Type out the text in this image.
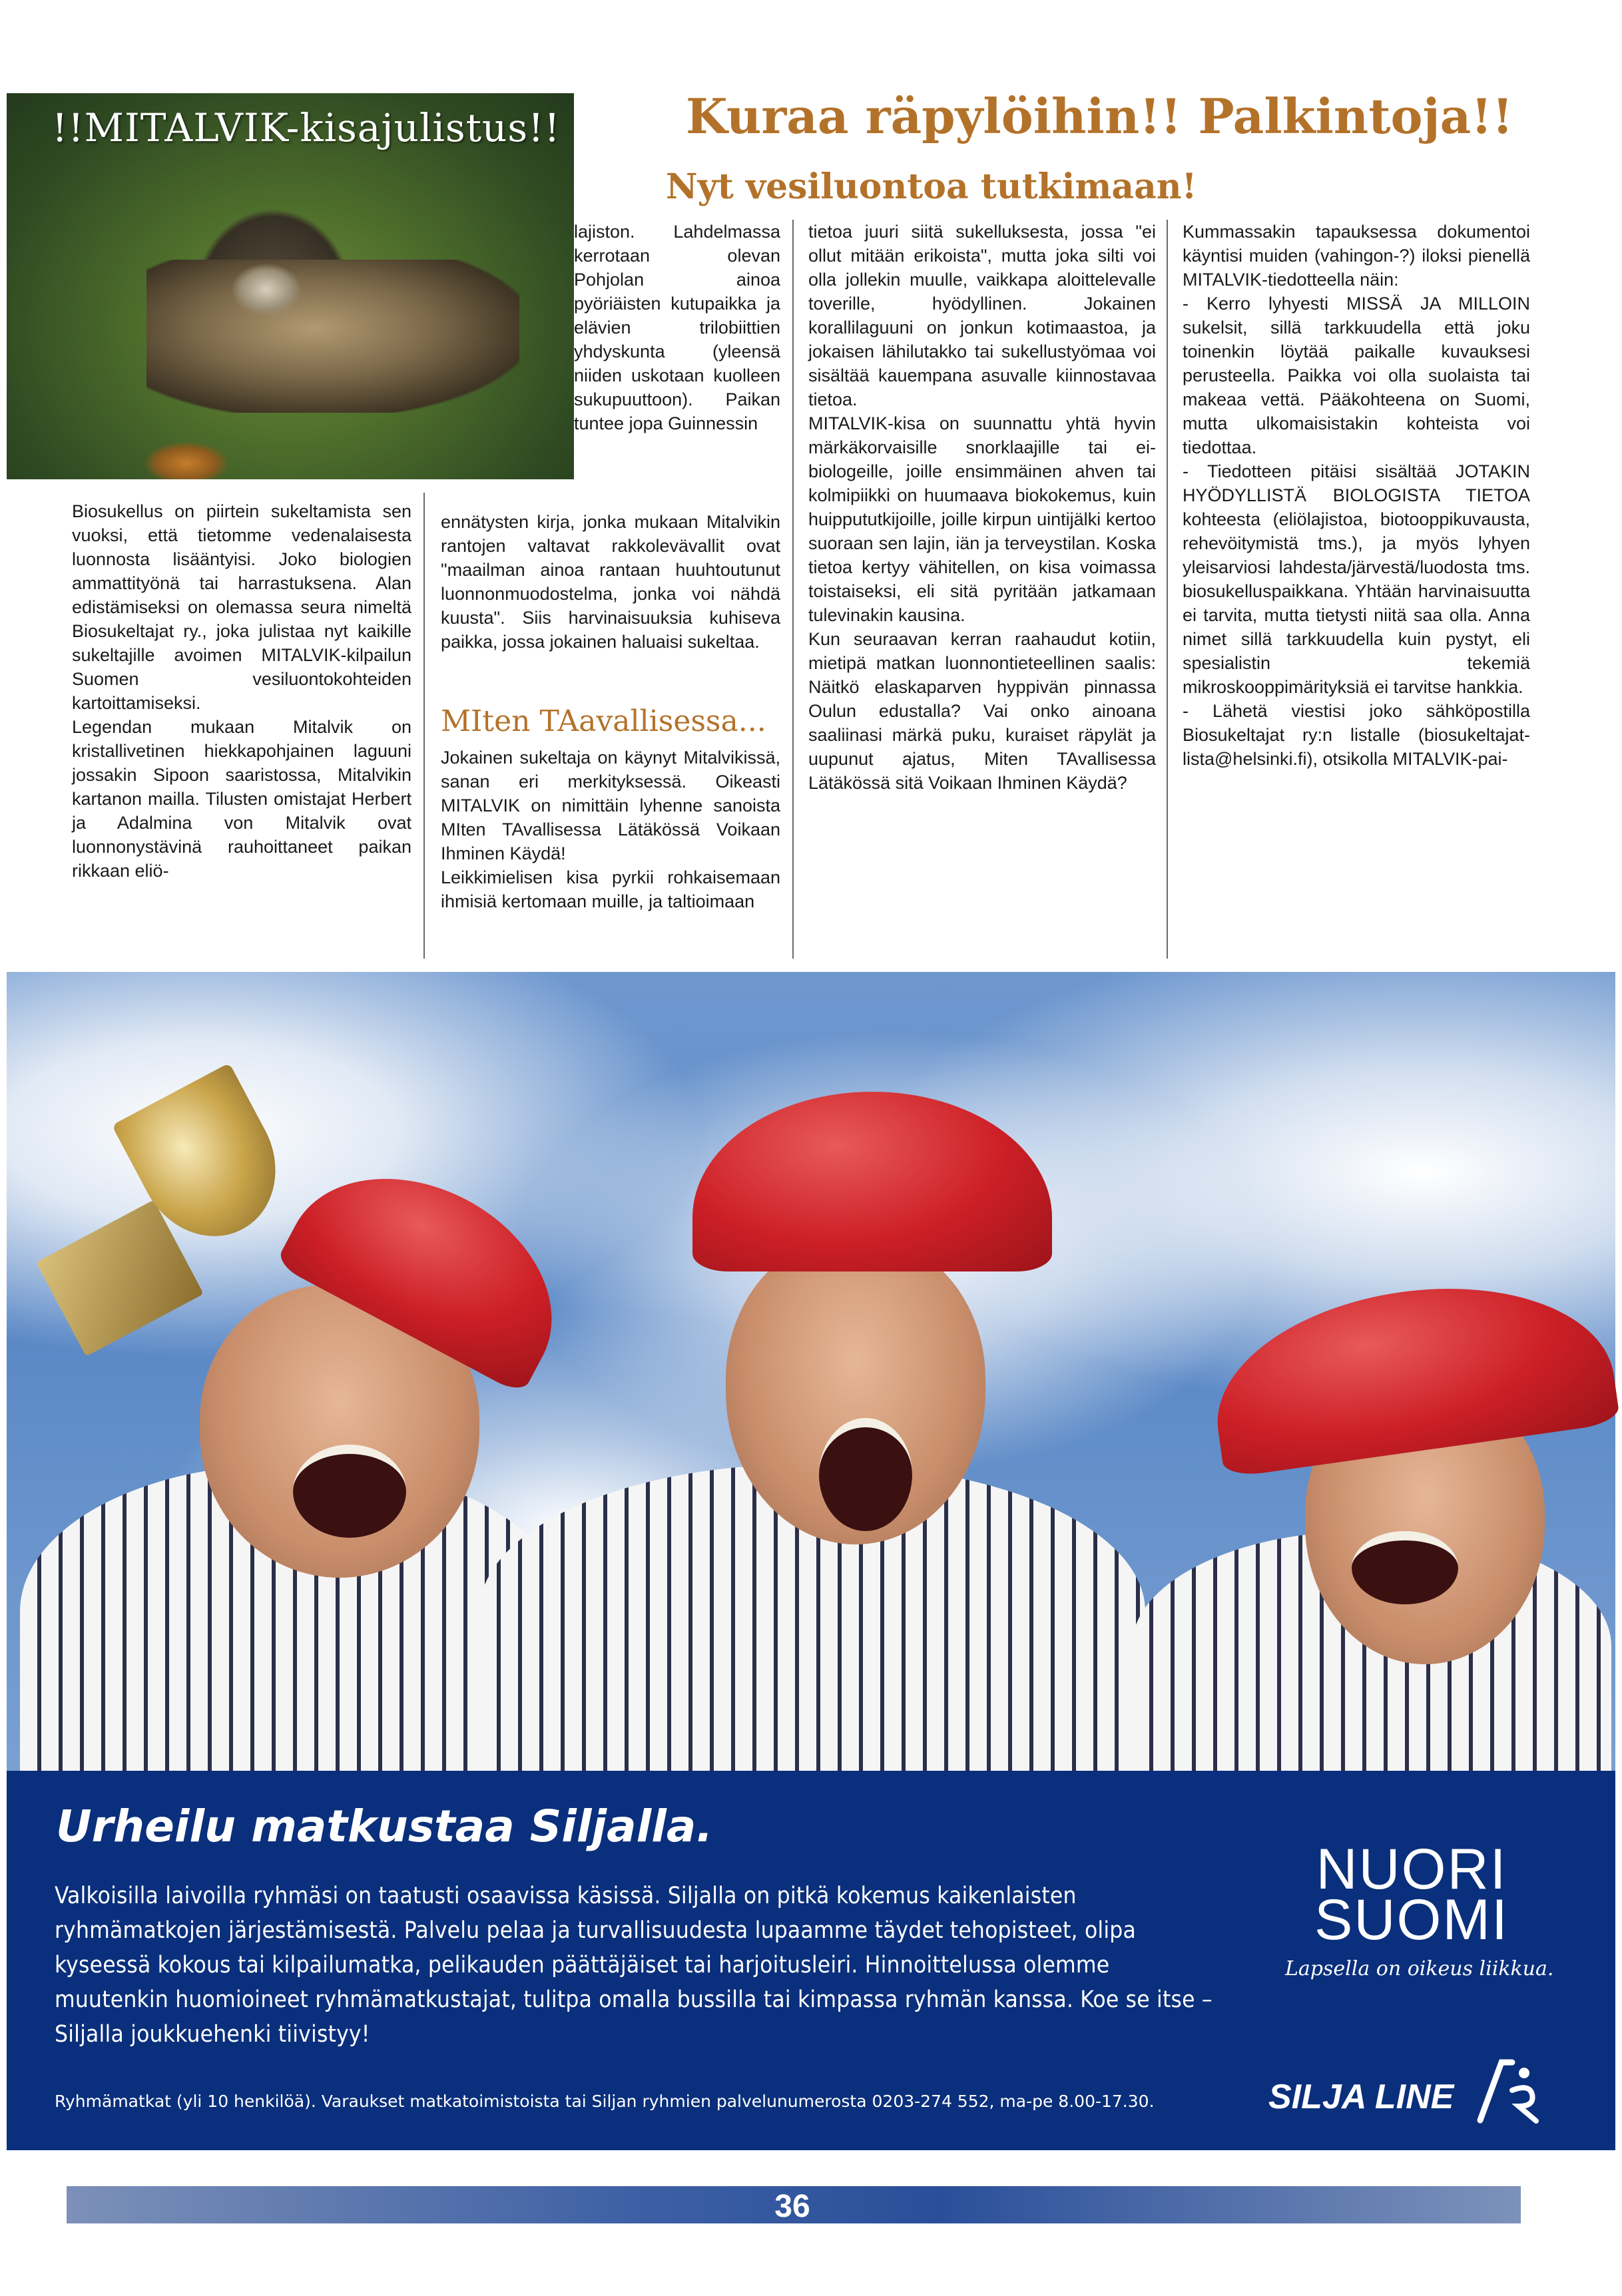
!!MITALVIK-kisajulistus!!	Kuraa räpylöihin!! Palkintoja!!
Nyt vesiluontoa tutkimaan!

Biosukellus on piirtein sukeltamista sen vuoksi, että tietomme vedenalaisesta luonnosta lisääntyisi. Joko biologien ammattityönä tai harrastuksena. Alan edistämiseksi on olemassa seura nimeltä Biosukeltajat ry., joka julistaa nyt kaikille sukeltajille avoimen MITALVIK-kilpailun Suomen vesiluontokohteiden kartoittamiseksi.

Legendan mukaan Mitalvik on kristallivetinen hiekkapohjainen laguuni jossakin Sipoon saaristossa, Mitalvikin kartanon mailla. Tilusten omistajat Herbert ja Adalmina von Mitalvik ovat luonnonystävinä rauhoittaneet paikan rikkaan eliö-

lajiston. Lahdelmassa kerrotaan olevan Pohjolan ainoa pyöriäisten kutupaikka ja elävien trilobiittien yhdyskunta (yleensä niiden uskotaan kuolleen sukupuuttoon). Paikan tuntee jopa Guinnessin

ennätysten kirja, jonka mukaan Mitalvikin rantojen valtavat rakkolevävallit ovat "maailman ainoa rantaan huuhtoutunut luonnonmuodostelma, jonka voi nähdä kuusta". Siis harvinaisuuksia kuhiseva paikka, jossa jokainen haluaisi sukeltaa.

MIten TAavallisessa...

Jokainen sukeltaja on käynyt Mitalvikissä, sanan eri merkityksessä. Oikeasti MITALVIK on nimittäin lyhenne sanoista MIten TAvallisessa Lätäkössä Voikaan Ihminen Käydä!

Leikkimielisen kisa pyrkii rohkaisemaan ihmisiä kertomaan muille, ja taltioimaan

tietoa juuri siitä sukelluksesta, jossa "ei ollut mitään erikoista", mutta joka silti voi olla jollekin muulle, vaikkapa aloittelevalle toverille, hyödyllinen. Jokainen korallilaguuni on jonkun kotimaastoa, ja jokaisen lähilutakko tai sukellustyömaa voi sisältää kauempana asuvalle kiinnostavaa tietoa.

MITALVIK-kisa on suunnattu yhtä hyvin märkäkorvaisille snorklaajille tai ei-biologeille, joille ensimmäinen ahven tai kolmipiikki on huumaava biokokemus, kuin huippututkijoille, joille kirpun uintijälki kertoo suoraan sen lajin, iän ja terveystilan. Koska tietoa kertyy vähitellen, on kisa voimassa toistaiseksi, eli sitä pyritään jatkamaan tulevinakin kausina.

Kun seuraavan kerran raahaudut kotiin, mietipä matkan luonnontieteellinen saalis: Näitkö elaskaparven hyppivän pinnassa Oulun edustalla? Vai onko ainoana saaliinasi märkä puku, kuraiset räpylät ja uupunut ajatus, Miten TAvallisessa Lätäkössä sitä Voikaan Ihminen Käydä?

Kummassakin tapauksessa dokumentoi käyntisi muiden (vahingon-?) iloksi pienellä MITALVIK-tiedotteella näin:

- Kerro lyhyesti MISSÄ JA MILLOIN sukelsit, sillä tarkkuudella että joku toinenkin löytää paikalle kuvauksesi perusteella. Paikka voi olla suolaista tai makeaa vettä. Pääkohteena on Suomi, mutta ulkomaisistakin kohteista voi tiedottaa.

- Tiedotteen pitäisi sisältää JOTAKIN HYÖDYLLISTÄ BIOLOGISTA TIETOA kohteesta (eliölajistoa, biotooppikuvausta, rehevöitymistä tms.), ja myös lyhyen yleisarviosi lahdesta/järvestä/luodosta tms. biosukelluspaikkana. Yhtään harvinaisuutta ei tarvita, mutta tietysti niitä saa olla. Anna nimet sillä tarkkuudella kuin pystyt, eli spesialistin tekemiä mikroskooppimärityksiä ei tarvitse hankkia.

- Lähetä viestisi joko sähköpostilla Biosukeltajat ry:n listalle (biosukeltajat-lista@helsinki.fi), otsikolla MITALVIK-pai-

Urheilu matkustaa Siljalla.
Valkoisilla laivoilla ryhmäsi on taatusti osaavissa käsissä. Siljalla on pitkä kokemus kaikenlaisten ryhmämatkojen järjestämisestä. Palvelu pelaa ja turvallisuudesta lupaamme täydet tehopisteet, olipa kyseessä kokous tai kilpailumatka, pelikauden päättäjäiset tai harjoitusleiri. Hinnoittelussa olemme muutenkin huomioineet ryhmämatkustajat, tulitpa omalla bussilla tai kimpassa ryhmän kanssa. Koe se itse – Siljalla joukkuehenki tiivistyy!
Ryhmämatkat (yli 10 henkilöä). Varaukset matkatoimistoista tai Siljan ryhmien palvelunumerosta 0203-274 552, ma-pe 8.00-17.30.
NUORI
SUOMI
Lapsella on oikeus liikkua.
SILJA LINE
36
